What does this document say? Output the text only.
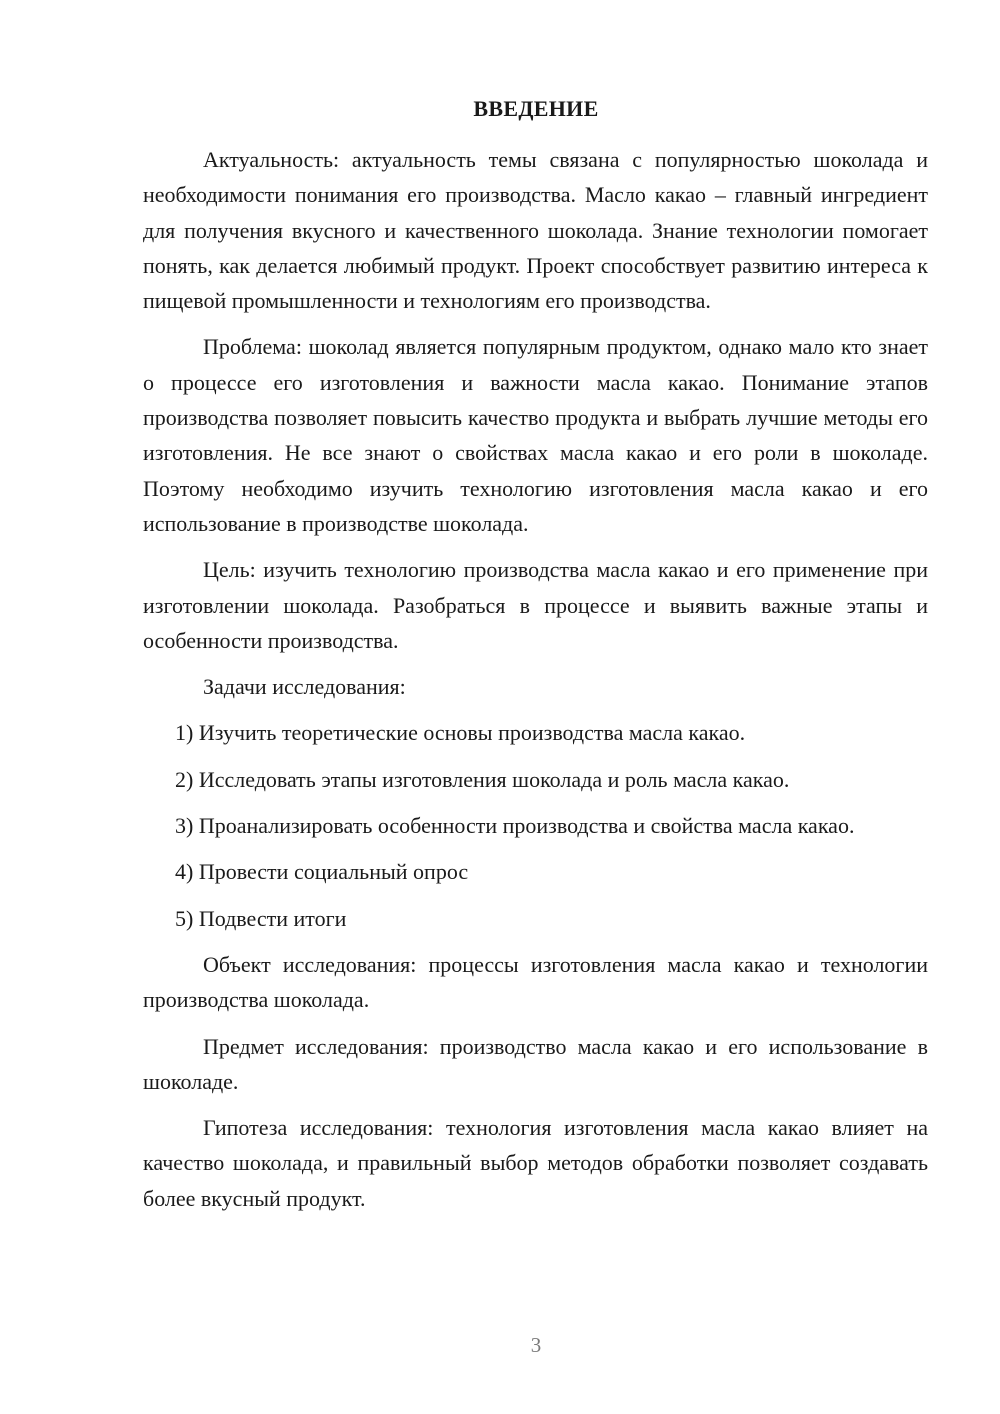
ВВЕДЕНИЕ

Актуальность: актуальность темы связана с популярностью шоколада и необходимости понимания его производства. Масло какао – главный ингредиент для получения вкусного и качественного шоколада. Знание технологии помогает понять, как делается любимый продукт. Проект способствует развитию интереса к пищевой промышленности и технологиям его производства.

Проблема: шоколад является популярным продуктом, однако мало кто знает о процессе его изготовления и важности масла какао. Понимание этапов производства позволяет повысить качество продукта и выбрать лучшие методы его изготовления. Не все знают о свойствах масла какао и его роли в шоколаде. Поэтому необходимо изучить технологию изготовления масла какао и его использование в производстве шоколада.

Цель: изучить технологию производства масла какао и его применение при изготовлении шоколада. Разобраться в процессе и выявить важные этапы и особенности производства.

Задачи исследования:

1) Изучить теоретические основы производства масла какао.

2) Исследовать этапы изготовления шоколада и роль масла какао.

3) Проанализировать особенности производства и свойства масла какао.

4) Провести социальный опрос

5) Подвести итоги

Объект исследования: процессы изготовления масла какао и технологии производства шоколада.

Предмет исследования: производство масла какао и его использование в шоколаде.

Гипотеза исследования: технология изготовления масла какао влияет на качество шоколада, и правильный выбор методов обработки позволяет создавать более вкусный продукт.

3
